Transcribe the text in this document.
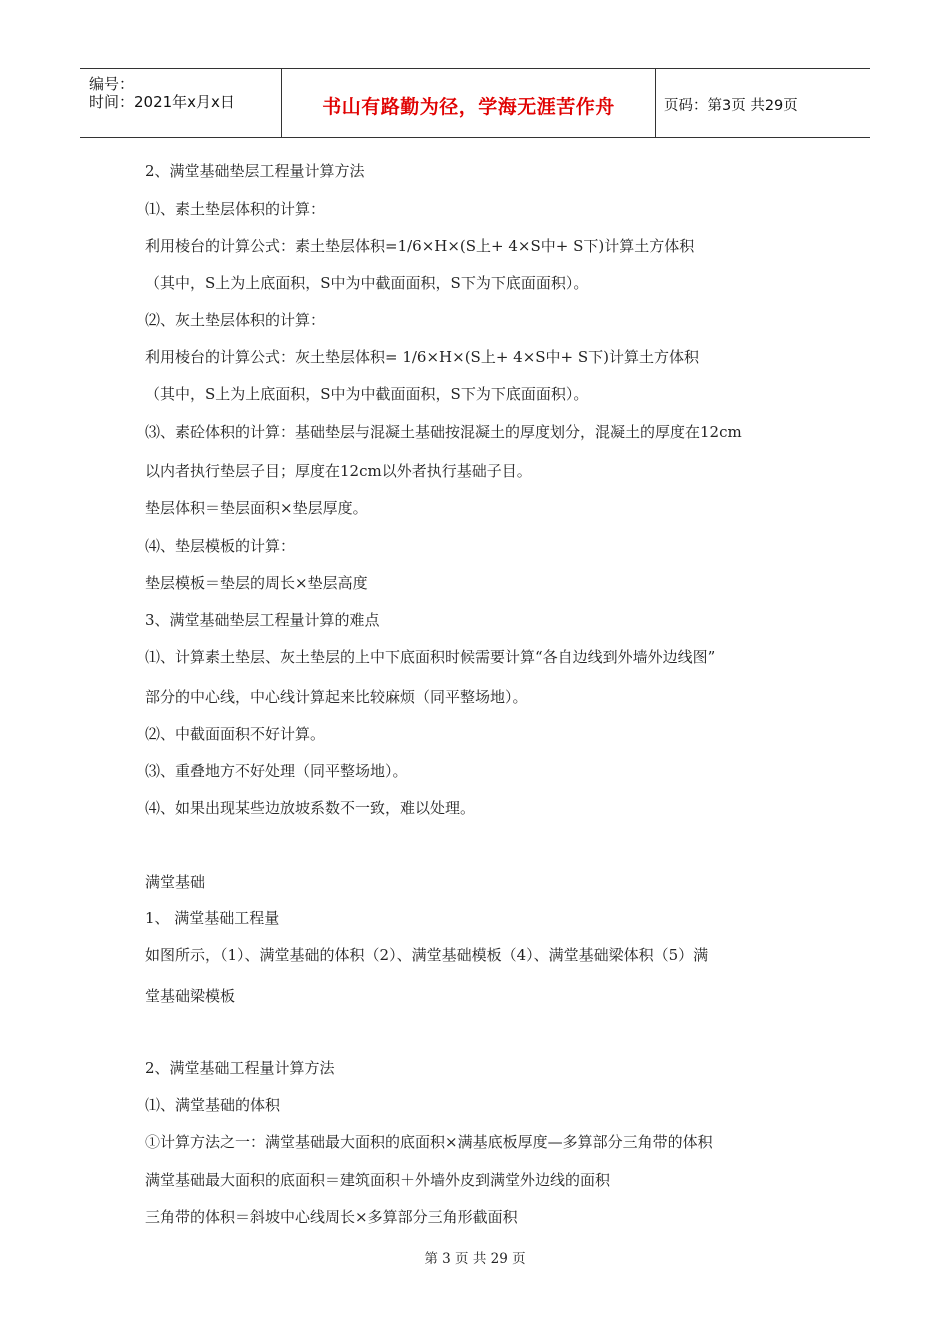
编号：
时间：2021年x月x日	书山有路勤为径，学海无涯苦作舟	页码：第3页 共29页
2、满堂基础垫层工程量计算方法
⑴、素土垫层体积的计算：
利用棱台的计算公式：素土垫层体积=1/6×H×(S上+ 4×S中+ S下)计算土方体积
（其中，S上为上底面积，S中为中截面面积，S下为下底面面积）。
⑵、灰土垫层体积的计算：
利用棱台的计算公式：灰土垫层体积= 1/6×H×(S上+ 4×S中+ S下)计算土方体积
（其中，S上为上底面积，S中为中截面面积，S下为下底面面积）。
⑶、素砼体积的计算：基础垫层与混凝土基础按混凝土的厚度划分，混凝土的厚度在12cm
以内者执行垫层子目；厚度在12cm以外者执行基础子目。
垫层体积＝垫层面积×垫层厚度。
⑷、垫层模板的计算：
垫层模板＝垫层的周长×垫层高度
3、满堂基础垫层工程量计算的难点
⑴、计算素土垫层、灰土垫层的上中下底面积时候需要计算“各自边线到外墙外边线图”
部分的中心线，中心线计算起来比较麻烦（同平整场地）。
⑵、中截面面积不好计算。
⑶、重叠地方不好处理（同平整场地）。
⑷、如果出现某些边放坡系数不一致，难以处理。
满堂基础
1、 满堂基础工程量
如图所示，（1）、满堂基础的体积（2）、满堂基础模板（4）、满堂基础梁体积（5）满
堂基础梁模板
2、满堂基础工程量计算方法
⑴、满堂基础的体积
①计算方法之一：满堂基础最大面积的底面积×满基底板厚度—多算部分三角带的体积
满堂基础最大面积的底面积＝建筑面积＋外墙外皮到满堂外边线的面积
三角带的体积＝斜坡中心线周长×多算部分三角形截面积
第 3 页 共 29 页
